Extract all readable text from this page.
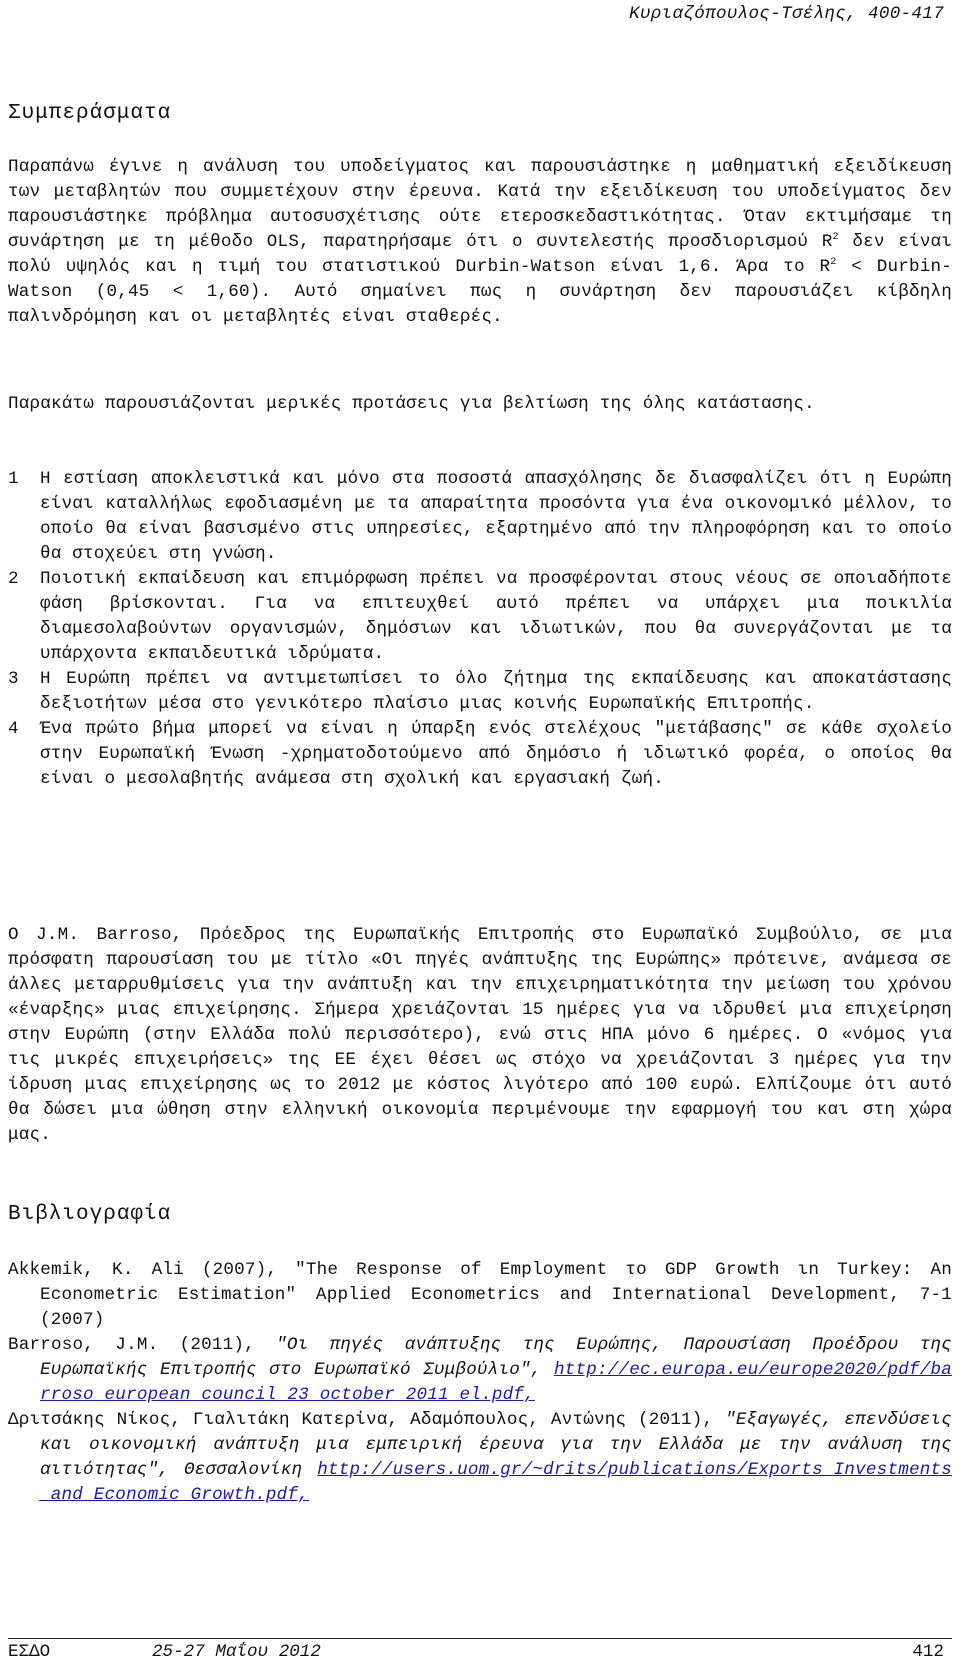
Κυριαζόπουλος-Τσέλης, 400-417
Συμπεράσματα

Παραπάνω έγινε η ανάλυση του υποδείγματος και παρουσιάστηκε η μαθηματική εξειδίκευση των μεταβλητών που συμμετέχουν στην έρευνα. Κατά την εξειδίκευση του υποδείγματος δεν παρουσιάστηκε πρόβλημα αυτοσυσχέτισης ούτε ετεροσκεδαστικότητας. Όταν εκτιμήσαμε τη συνάρτηση με τη μέθοδο OLS, παρατηρήσαμε ότι ο συντελεστής προσδιορισμού $R^2$ δεν είναι πολύ υψηλός και η τιμή του στατιστικού Durbin-Watson είναι 1,6. Άρα το $R^2$ < Durbin-Watson (0,45 < 1,60). Αυτό σημαίνει πως η συνάρτηση δεν παρουσιάζει κίβδηλη παλινδρόμηση και οι μεταβλητές είναι σταθερές.

Παρακάτω παρουσιάζονται μερικές προτάσεις για βελτίωση της όλης κατάστασης.

1 Η εστίαση αποκλειστικά και μόνο στα ποσοστά απασχόλησης δε διασφαλίζει ότι η Ευρώπη είναι καταλλήλως εφοδιασμένη με τα απαραίτητα προσόντα για ένα οικονομικό μέλλον, το οποίο θα είναι βασισμένο στις υπηρεσίες, εξαρτημένο από την πληροφόρηση και το οποίο θα στοχεύει στη γνώση.
2 Ποιοτική εκπαίδευση και επιμόρφωση πρέπει να προσφέρονται στους νέους σε οποιαδήποτε φάση βρίσκονται. Για να επιτευχθεί αυτό πρέπει να υπάρχει μια ποικιλία διαμεσολαβούντων οργανισμών, δημόσιων και ιδιωτικών, που θα συνεργάζονται με τα υπάρχοντα εκπαιδευτικά ιδρύματα.
3 Η Ευρώπη πρέπει να αντιμετωπίσει το όλο ζήτημα της εκπαίδευσης και αποκατάστασης δεξιοτήτων μέσα στο γενικότερο πλαίσιο μιας κοινής Ευρωπαϊκής Επιτροπής.
4 Ένα πρώτο βήμα μπορεί να είναι η ύπαρξη ενός στελέχους "μετάβασης" σε κάθε σχολείο στην Ευρωπαϊκή Ένωση -χρηματοδοτούμενο από δημόσιο ή ιδιωτικό φορέα, ο οποίος θα είναι ο μεσολαβητής ανάμεσα στη σχολική και εργασιακή ζωή.

Ο J.M. Barroso, Πρόεδρος της Ευρωπαϊκής Επιτροπής στο Ευρωπαϊκό Συμβούλιο, σε μια πρόσφατη παρουσίαση του με τίτλο «Οι πηγές ανάπτυξης της Ευρώπης» πρότεινε, ανάμεσα σε άλλες μεταρρυθμίσεις για την ανάπτυξη και την επιχειρηματικότητα την μείωση του χρόνου «έναρξης» μιας επιχείρησης. Σήμερα χρειάζονται 15 ημέρες για να ιδρυθεί μια επιχείρηση στην Ευρώπη (στην Ελλάδα πολύ περισσότερο), ενώ στις ΗΠΑ μόνο 6 ημέρες. Ο «νόμος για τις μικρές επιχειρήσεις» της ΕΕ έχει θέσει ως στόχο να χρειάζονται 3 ημέρες για την ίδρυση μιας επιχείρησης ως το 2012 με κόστος λιγότερο από 100 ευρώ. Ελπίζουμε ότι αυτό θα δώσει μια ώθηση στην ελληνική οικονομία περιμένουμε την εφαρμογή του και στη χώρα μας.

Βιβλιογραφία
Akkemik, K. Ali (2007), "The Response of Employment το GDP Growth ιn Turkey: An Econometric Estimation" Applied Econometrics and International Development, 7-1 (2007)
Barroso, J.M. (2011), "Οι πηγές ανάπτυξης της Ευρώπης, Παρουσίαση Προέδρου της Ευρωπαϊκής Επιτροπής στο Ευρωπαϊκό Συμβούλιο", http://ec.europa.eu/europe2020/pdf/barroso_european_council_23_october_2011_el.pdf,
Δριτσάκης Νίκος, Γιαλιτάκη Κατερίνα, Αδαμόπουλος, Αντώνης (2011), "Εξαγωγές, επενδύσεις και οικονομική ανάπτυξη μια εμπειρική έρευνα για την Ελλάδα με την ανάλυση της αιτιότητας", Θεσσαλονίκη http://users.uom.gr/~drits/publications/Exports_Investments_and_Economic_Growth.pdf,
ΕΣΔΟ	25-27 Μαΐου 2012	412
